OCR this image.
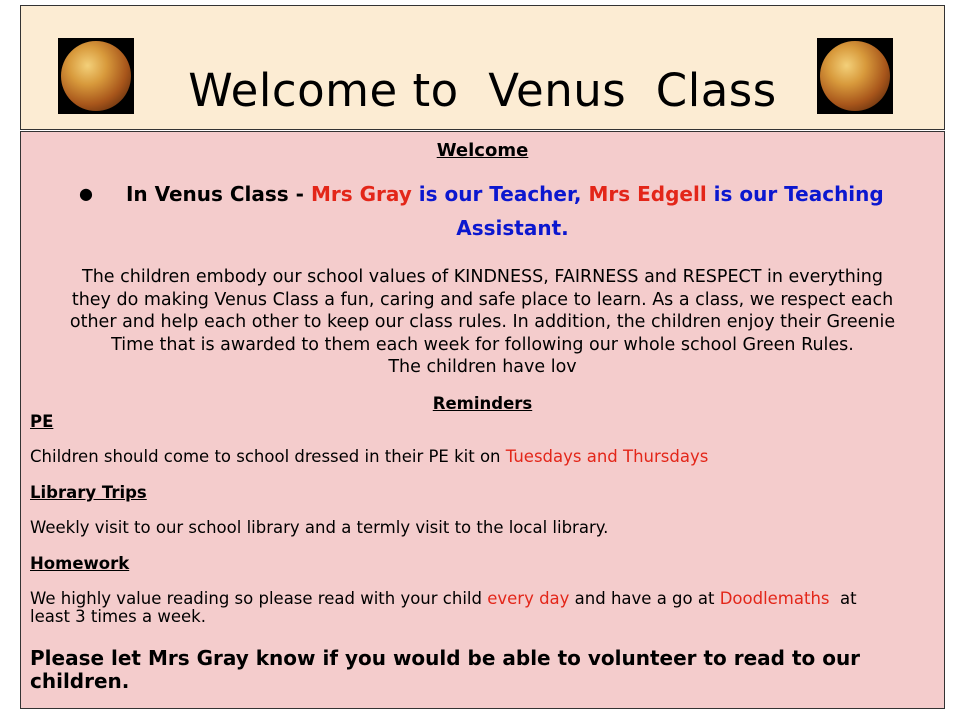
Welcome to  Venus  Class

Welcome

● In Venus Class - Mrs Gray is our Teacher, Mrs Edgell is our Teaching

Assistant.

The children embody our school values of KINDNESS, FAIRNESS and RESPECT in everything
they do making Venus Class a fun, caring and safe place to learn. As a class, we respect each
other and help each other to keep our class rules. In addition, the children enjoy their Greenie
Time that is awarded to them each week for following our whole school Green Rules.
The children have lov

Reminders

PE

Children should come to school dressed in their PE kit on Tuesdays and Thursdays

Library Trips

Weekly visit to our school library and a termly visit to the local library.

Homework

We highly value reading so please read with your child every day and have a go at Doodlemaths  at
least 3 times a week.
Please let Mrs Gray know if you would be able to volunteer to read to our
children.
